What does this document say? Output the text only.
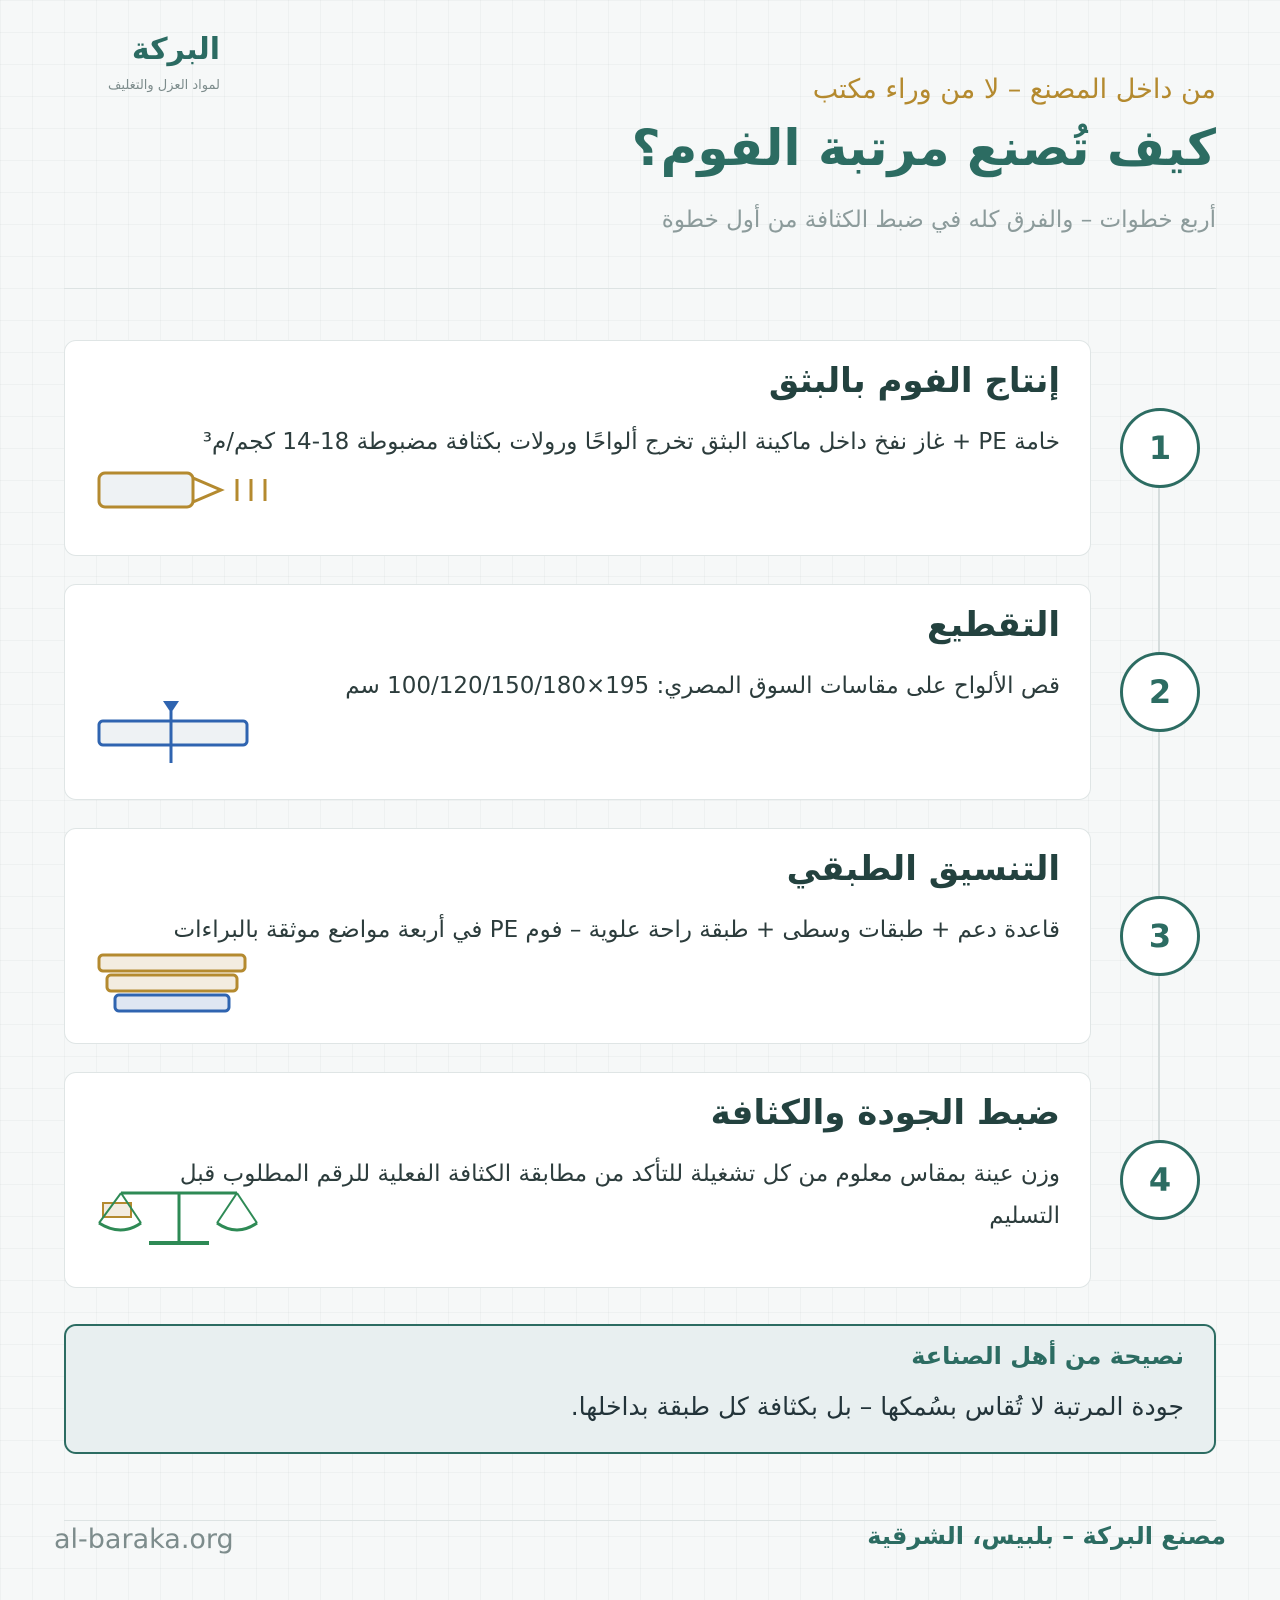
البركة
لمواد العزل والتغليف	من داخل المصنع – لا من وراء مكتب
كيف تُصنع مرتبة الفوم؟
أربع خطوات – والفرق كله في ضبط الكثافة من أول خطوة
إنتاج الفوم بالبثق
خامة PE + غاز نفخ داخل ماكينة البثق تخرج ألواحًا ورولات بكثافة مضبوطة 18-14 كجم/م³	1
التقطيع
قص الألواح على مقاسات السوق المصري: 195×100/120/150/180 سم	2
التنسيق الطبقي
قاعدة دعم + طبقات وسطى + طبقة راحة علوية – فوم PE في أربعة مواضع موثقة بالبراءات	3
ضبط الجودة والكثافة
وزن عينة بمقاس معلوم من كل تشغيلة للتأكد من مطابقة الكثافة الفعلية للرقم المطلوب قبل التسليم
4
نصيحة من أهل الصناعة
جودة المرتبة لا تُقاس بسُمكها – بل بكثافة كل طبقة بداخلها.
al-baraka.org	مصنع البركة – بلبيس، الشرقية
